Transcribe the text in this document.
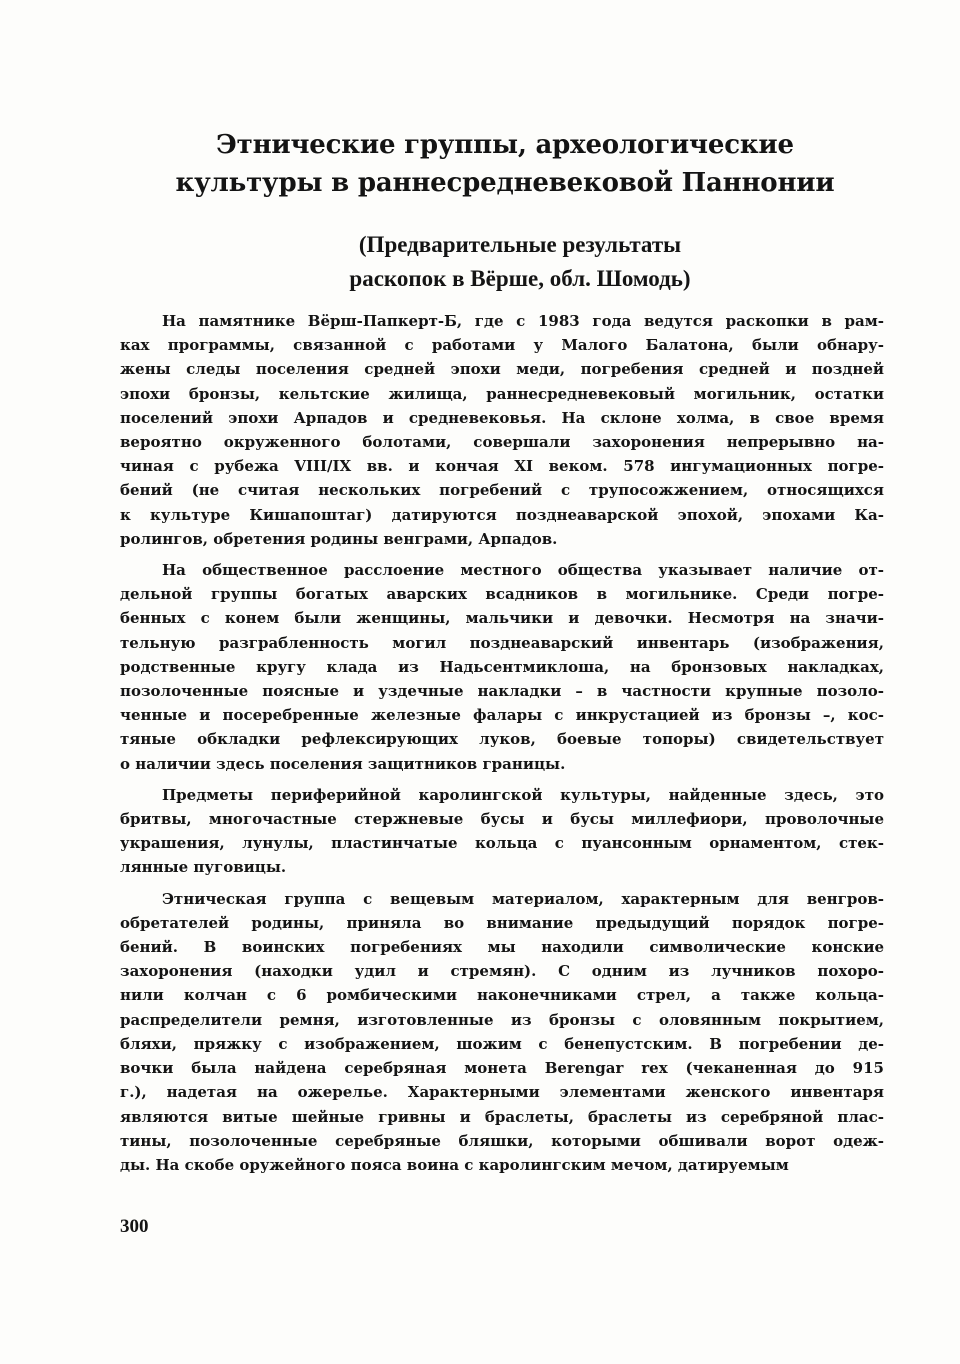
Этнические группы, археологические
культуры в раннесредневековой Паннонии
(Предварительные результаты
раскопок в Вёрше, обл. Шомодь)

На памятнике Вёрш-Папкерт-Б, где с 1983 года ведутся раскопки в рам-
ках программы, связанной с работами у Малого Балатона, были обнару-
жены следы поселения средней эпохи меди, погребения средней и поздней
эпохи бронзы, кельтские жилища, раннесредневековый могильник, остатки
поселений эпохи Арпадов и средневековья. На склоне холма, в свое время
вероятно окруженного болотами, совершали захоронения непрерывно на-
чиная с рубежа VIII/IX вв. и кончая XI веком. 578 ингумационных погре-
бений (не считая нескольких погребений с трупосожжением, относящихся
к культуре Кишапоштаг) датируются позднеаварской эпохой, эпохами Ка-
ролингов, обретения родины венграми, Арпадов.

На общественное расслоение местного общества указывает наличие от-
дельной группы богатых аварских всадников в могильнике. Среди погре-
бенных с конем были женщины, мальчики и девочки. Несмотря на значи-
тельную разграбленность могил позднеаварский инвентарь (изображения,
родственные кругу клада из Надьсентмиклоша, на бронзовых накладках,
позолоченные поясные и уздечные накладки – в частности крупные позоло-
ченные и посеребренные железные фалары с инкрустацией из бронзы –, кос-
тяные обкладки рефлексирующих луков, боевые топоры) свидетельствует
о наличии здесь поселения защитников границы.

Предметы периферийной каролингской культуры, найденные здесь, это
бритвы, многочастные стержневые бусы и бусы миллефиори, проволочные
украшения, лунулы, пластинчатые кольца с пуансонным орнаментом, стек-
лянные пуговицы.

Этническая группа с вещевым материалом, характерным для венгров-
обретателей родины, приняла во внимание предыдущий порядок погре-
бений. В воинских погребениях мы находили символические конские
захоронения (находки удил и стремян). С одним из лучников похоро-
нили колчан с 6 ромбическими наконечниками стрел, а также кольца-
распределители ремня, изготовленные из бронзы с оловянным покрытием,
бляхи, пряжку с изображением, шожим с бенепустским. В погребении де-
вочки была найдена серебряная монета Berengar rex (чеканенная до 915
г.), надетая на ожерелье. Характерными элементами женского инвентаря
являются витые шейные гривны и браслеты, браслеты из серебряной плас-
тины, позолоченные серебряные бляшки, которыми обшивали ворот одеж-
ды. На скобе оружейного пояса воина с каролингским мечом, датируемым

300
